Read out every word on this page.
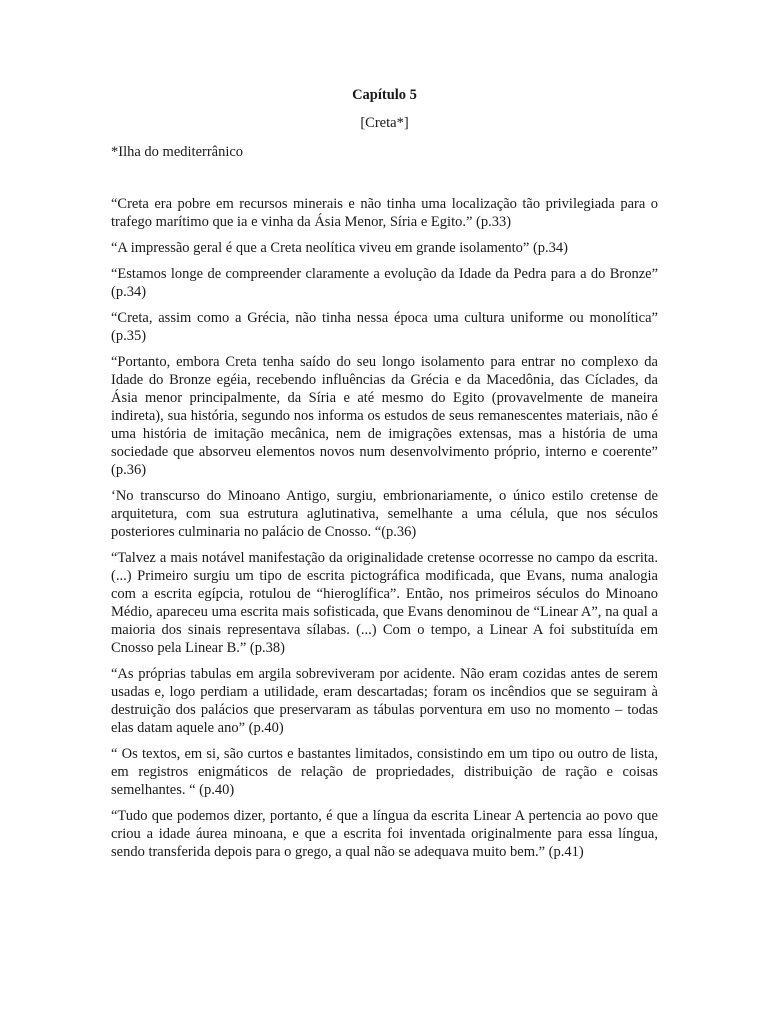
Capítulo 5
[Creta*]
*Ilha do mediterrânico

“Creta era pobre em recursos minerais e não tinha uma localização tão privilegiada para o trafego marítimo que ia e vinha da Ásia Menor, Síria e Egito.” (p.33)

“A impressão geral é que a Creta neolítica viveu em grande isolamento” (p.34)

“Estamos longe de compreender claramente a evolução da Idade da Pedra para a do Bronze” (p.34)

“Creta, assim como a Grécia, não tinha nessa época uma cultura uniforme ou monolítica” (p.35)

“Portanto, embora Creta tenha saído do seu longo isolamento para entrar no complexo da Idade do Bronze egéia, recebendo influências da Grécia e da Macedônia, das Cíclades, da Ásia menor principalmente, da Síria e até mesmo do Egito (provavelmente de maneira indireta), sua história, segundo nos informa os estudos de seus remanescentes materiais, não é uma história de imitação mecânica, nem de imigrações extensas, mas a história de uma sociedade que absorveu elementos novos num desenvolvimento próprio, interno e coerente” (p.36)

‘No transcurso do Minoano Antigo, surgiu, embrionariamente, o único estilo cretense de arquitetura, com sua estrutura aglutinativa, semelhante a uma célula, que nos séculos posteriores culminaria no palácio de Cnosso. “(p.36)

“Talvez a mais notável manifestação da originalidade cretense ocorresse no campo da escrita. (...) Primeiro surgiu um tipo de escrita pictográfica modificada, que Evans, numa analogia com a escrita egípcia, rotulou de “hieroglífica”. Então, nos primeiros séculos do Minoano Médio, apareceu uma escrita mais sofisticada, que Evans denominou de “Linear A”, na qual a maioria dos sinais representava sílabas. (...) Com o tempo, a Linear A foi substituída em Cnosso pela Linear B.” (p.38)

“As próprias tabulas em argila sobreviveram por acidente. Não eram cozidas antes de serem usadas e, logo perdiam a utilidade, eram descartadas; foram os incêndios que se seguiram à destruição dos palácios que preservaram as tábulas porventura em uso no momento – todas elas datam aquele ano” (p.40)

“ Os textos, em si, são curtos e bastantes limitados, consistindo em um tipo ou outro de lista, em registros enigmáticos de relação de propriedades, distribuição de ração e coisas semelhantes. “ (p.40)

“Tudo que podemos dizer, portanto, é que a língua da escrita Linear A pertencia ao povo que criou a idade áurea minoana, e que a escrita foi inventada originalmente para essa língua, sendo transferida depois para o grego, a qual não se adequava muito bem.” (p.41)
